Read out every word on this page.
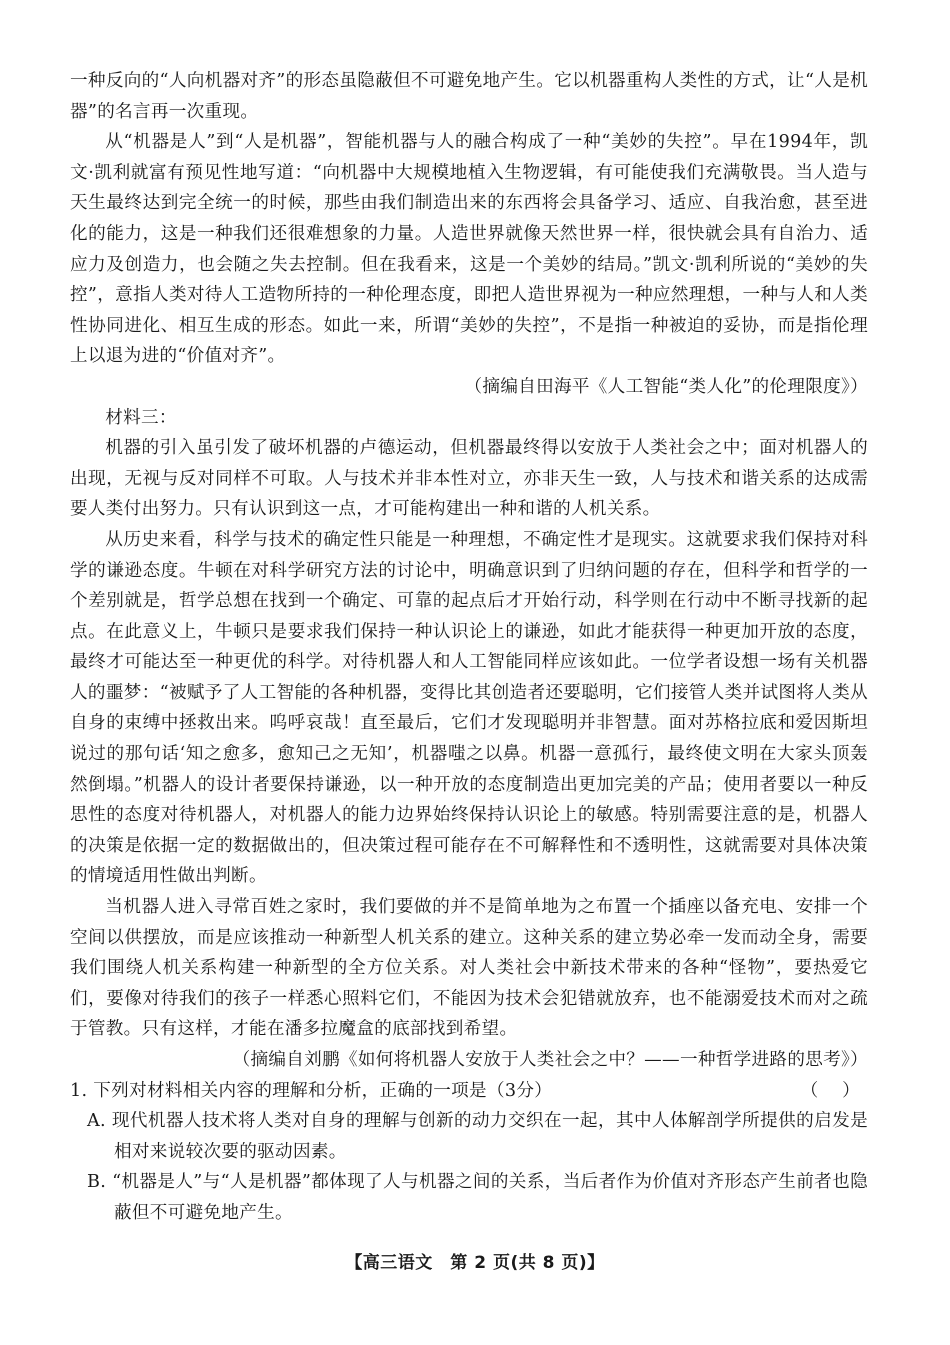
一种反向的“人向机器对齐”的形态虽隐蔽但不可避免地产生。它以机器重构人类性的方式，让“人是机器”的名言再一次重现。

从“机器是人”到“人是机器”，智能机器与人的融合构成了一种“美妙的失控”。早在1994年，凯文·凯利就富有预见性地写道：“向机器中大规模地植入生物逻辑，有可能使我们充满敬畏。当人造与天生最终达到完全统一的时候，那些由我们制造出来的东西将会具备学习、适应、自我治愈，甚至进化的能力，这是一种我们还很难想象的力量。人造世界就像天然世界一样，很快就会具有自治力、适应力及创造力，也会随之失去控制。但在我看来，这是一个美妙的结局。”凯文·凯利所说的“美妙的失控”，意指人类对待人工造物所持的一种伦理态度，即把人造世界视为一种应然理想，一种与人和人类性协同进化、相互生成的形态。如此一来，所谓“美妙的失控”，不是指一种被迫的妥协，而是指伦理上以退为进的“价值对齐”。

（摘编自田海平《人工智能“类人化”的伦理限度》）

材料三：

机器的引入虽引发了破坏机器的卢德运动，但机器最终得以安放于人类社会之中；面对机器人的出现，无视与反对同样不可取。人与技术并非本性对立，亦非天生一致，人与技术和谐关系的达成需要人类付出努力。只有认识到这一点，才可能构建出一种和谐的人机关系。

从历史来看，科学与技术的确定性只能是一种理想，不确定性才是现实。这就要求我们保持对科学的谦逊态度。牛顿在对科学研究方法的讨论中，明确意识到了归纳问题的存在，但科学和哲学的一个差别就是，哲学总想在找到一个确定、可靠的起点后才开始行动，科学则在行动中不断寻找新的起点。在此意义上，牛顿只是要求我们保持一种认识论上的谦逊，如此才能获得一种更加开放的态度，最终才可能达至一种更优的科学。对待机器人和人工智能同样应该如此。一位学者设想一场有关机器人的噩梦：“被赋予了人工智能的各种机器，变得比其创造者还要聪明，它们接管人类并试图将人类从自身的束缚中拯救出来。呜呼哀哉！直至最后，它们才发现聪明并非智慧。面对苏格拉底和爱因斯坦说过的那句话‘知之愈多，愈知己之无知’，机器嗤之以鼻。机器一意孤行，最终使文明在大家头顶轰然倒塌。”机器人的设计者要保持谦逊，以一种开放的态度制造出更加完美的产品；使用者要以一种反思性的态度对待机器人，对机器人的能力边界始终保持认识论上的敏感。特别需要注意的是，机器人的决策是依据一定的数据做出的，但决策过程可能存在不可解释性和不透明性，这就需要对具体决策的情境适用性做出判断。

当机器人进入寻常百姓之家时，我们要做的并不是简单地为之布置一个插座以备充电、安排一个空间以供摆放，而是应该推动一种新型人机关系的建立。这种关系的建立势必牵一发而动全身，需要我们围绕人机关系构建一种新型的全方位关系。对人类社会中新技术带来的各种“怪物”，要热爱它们，要像对待我们的孩子一样悉心照料它们，不能因为技术会犯错就放弃，也不能溺爱技术而对之疏于管教。只有这样，才能在潘多拉魔盒的底部找到希望。

（摘编自刘鹏《如何将机器人安放于人类社会之中？——一种哲学进路的思考》）

1. 下列对材料相关内容的理解和分析，正确的一项是（3分）	（    ）

A. 现代机器人技术将人类对自身的理解与创新的动力交织在一起，其中人体解剖学所提供的启发是相对来说较次要的驱动因素。

B. “机器是人”与“人是机器”都体现了人与机器之间的关系，当后者作为价值对齐形态产生前者也隐蔽但不可避免地产生。

【高三语文　第 2 页(共 8 页)】
